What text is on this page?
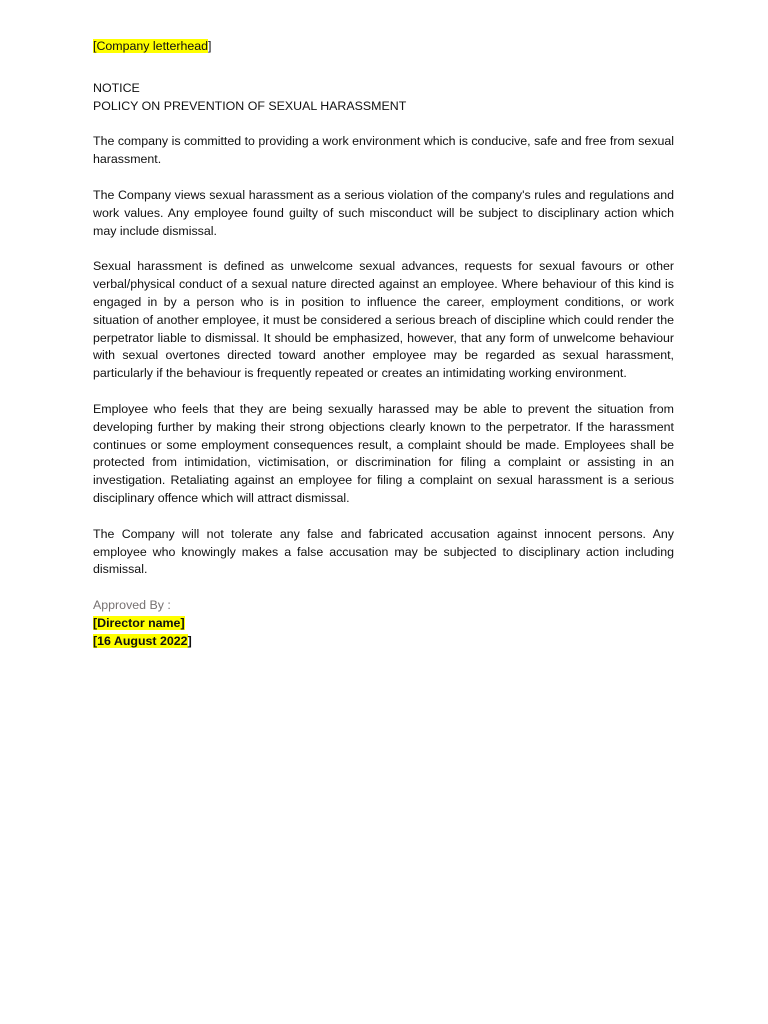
[Company letterhead]

NOTICE

POLICY ON PREVENTION OF SEXUAL HARASSMENT

The company is committed to providing a work environment which is conducive, safe and free from sexual harassment.

The Company views sexual harassment as a serious violation of the company's rules and regulations and work values. Any employee found guilty of such misconduct will be subject to disciplinary action which may include dismissal.

Sexual harassment is defined as unwelcome sexual advances, requests for sexual favours or other verbal/physical conduct of a sexual nature directed against an employee. Where behaviour of this kind is engaged in by a person who is in position to influence the career, employment conditions, or work situation of another employee, it must be considered a serious breach of discipline which could render the perpetrator liable to dismissal. It should be emphasized, however, that any form of unwelcome behaviour with sexual overtones directed toward another employee may be regarded as sexual harassment, particularly if the behaviour is frequently repeated or creates an intimidating working environment.

Employee who feels that they are being sexually harassed may be able to prevent the situation from developing further by making their strong objections clearly known to the perpetrator. If the harassment continues or some employment consequences result, a complaint should be made. Employees shall be protected from intimidation, victimisation, or discrimination for filing a complaint or assisting in an investigation. Retaliating against an employee for filing a complaint on sexual harassment is a serious disciplinary offence which will attract dismissal.

The Company will not tolerate any false and fabricated accusation against innocent persons. Any employee who knowingly makes a false accusation may be subjected to disciplinary action including dismissal.

Approved By :

[Director name]

[16 August 2022]
